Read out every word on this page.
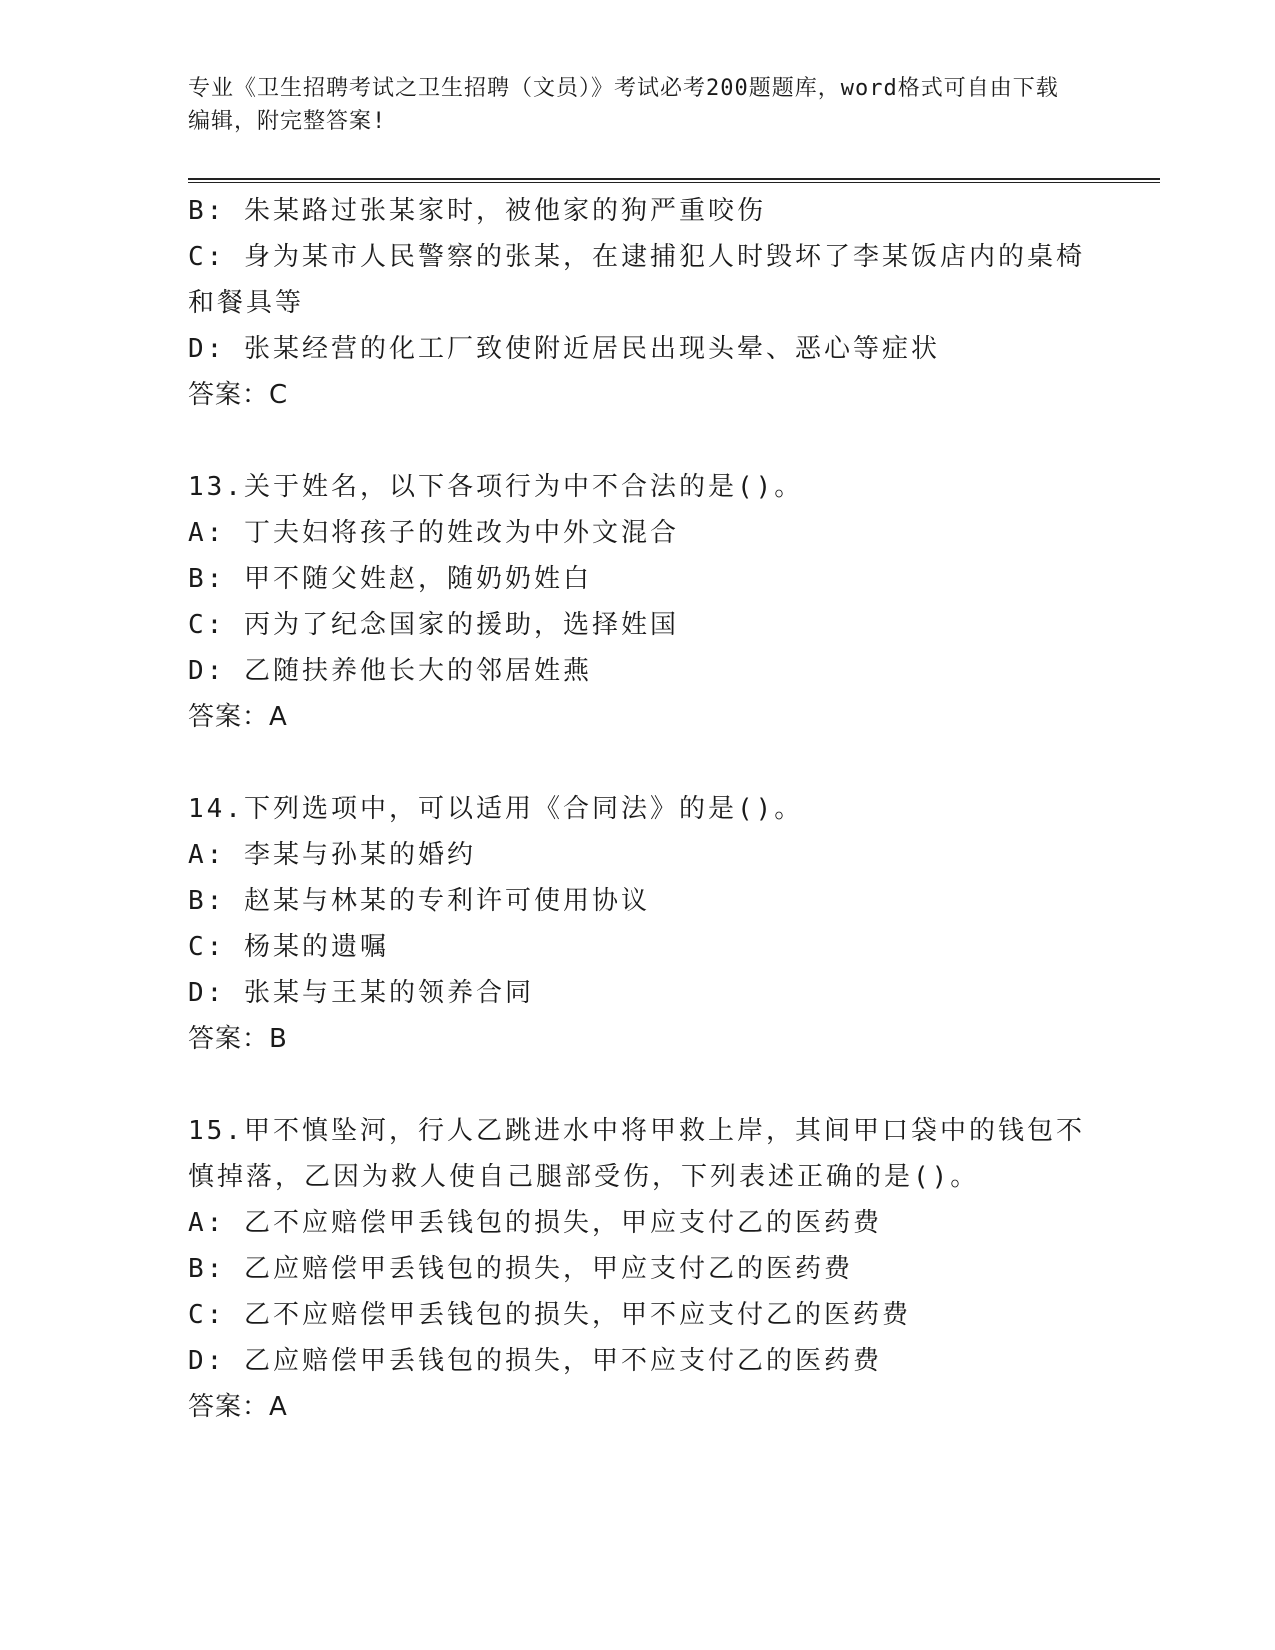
专业《卫生招聘考试之卫生招聘（文员）》考试必考200题题库，word格式可自由下载编辑，附完整答案!
B: 朱某路过张某家时，被他家的狗严重咬伤
C: 身为某市人民警察的张某，在逮捕犯人时毁坏了李某饭店内的桌椅
和餐具等
D: 张某经营的化工厂致使附近居民出现头晕、恶心等症状
答案：C
13.关于姓名，以下各项行为中不合法的是()。
A: 丁夫妇将孩子的姓改为中外文混合
B: 甲不随父姓赵，随奶奶姓白
C: 丙为了纪念国家的援助，选择姓国
D: 乙随扶养他长大的邻居姓燕
答案：A
14.下列选项中，可以适用《合同法》的是()。
A: 李某与孙某的婚约
B: 赵某与林某的专利许可使用协议
C: 杨某的遗嘱
D: 张某与王某的领养合同
答案：B
15.甲不慎坠河，行人乙跳进水中将甲救上岸，其间甲口袋中的钱包不
慎掉落，乙因为救人使自己腿部受伤，下列表述正确的是()。
A: 乙不应赔偿甲丢钱包的损失，甲应支付乙的医药费
B: 乙应赔偿甲丢钱包的损失，甲应支付乙的医药费
C: 乙不应赔偿甲丢钱包的损失，甲不应支付乙的医药费
D: 乙应赔偿甲丢钱包的损失，甲不应支付乙的医药费
答案：A
